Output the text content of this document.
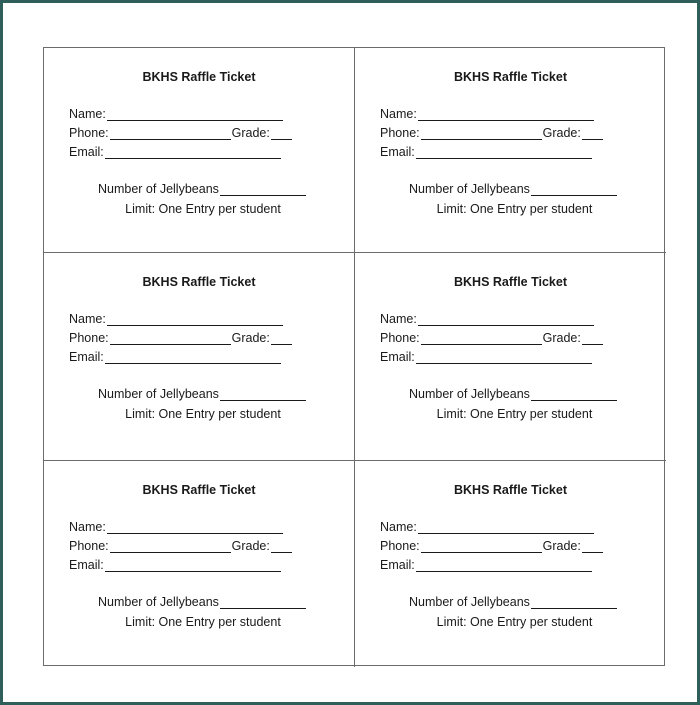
BKHS Raffle Ticket
Name:
Phone:	Grade:
Email:
Number of Jellybeans
Limit: One Entry per student
BKHS Raffle Ticket
Name:
Phone:	Grade:
Email:
Number of Jellybeans
Limit: One Entry per student
BKHS Raffle Ticket
Name:
Phone:	Grade:
Email:
Number of Jellybeans
Limit: One Entry per student
BKHS Raffle Ticket
Name:
Phone:	Grade:
Email:
Number of Jellybeans
Limit: One Entry per student
BKHS Raffle Ticket
Name:
Phone:	Grade:
Email:
Number of Jellybeans
Limit: One Entry per student
BKHS Raffle Ticket
Name:
Phone:	Grade:
Email:
Number of Jellybeans
Limit: One Entry per student
